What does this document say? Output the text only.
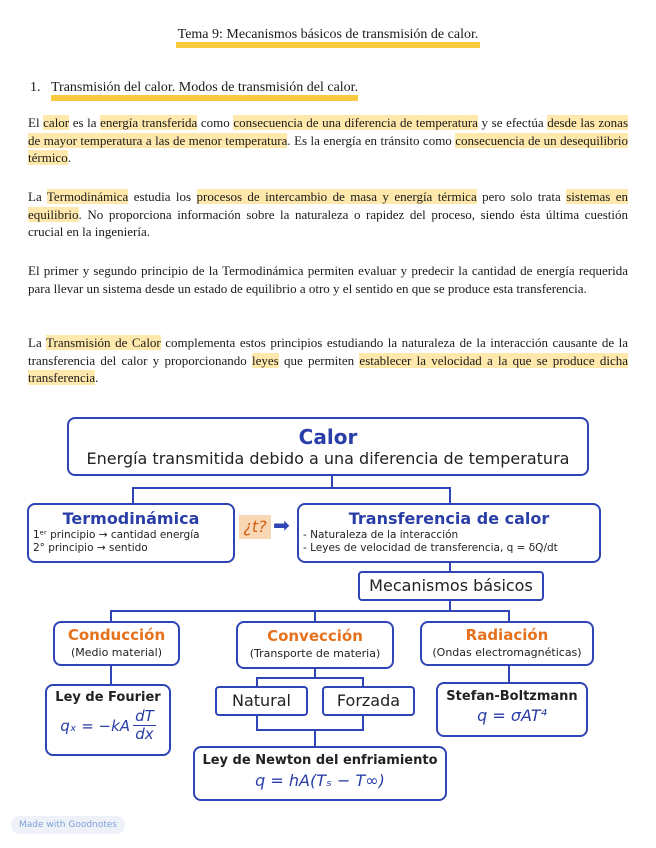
Tema 9: Mecanismos básicos de transmisión de calor.
1. Transmisión del calor. Modos de transmisión del calor.
El calor es la energía transferida como consecuencia de una diferencia de temperatura y se efectúa desde las zonas de mayor temperatura a las de menor temperatura. Es la energía en tránsito como consecuencia de un desequilibrio térmico.
La Termodinámica estudia los procesos de intercambio de masa y energía térmica pero solo trata sistemas en equilibrio. No proporciona información sobre la naturaleza o rapidez del proceso, siendo ésta última cuestión crucial en la ingeniería.
El primer y segundo principio de la Termodinámica permiten evaluar y predecir la cantidad de energía requerida para llevar un sistema desde un estado de equilibrio a otro y el sentido en que se produce esta transferencia.
La Transmisión de Calor complementa estos principios estudiando la naturaleza de la interacción causante de la transferencia del calor y proporcionando leyes que permiten establecer la velocidad a la que se produce dicha transferencia.
Calor
Energía transmitida debido a una diferencia de temperatura
Termodinámica
1ᵉʳ principio → cantidad energía
2° principio → sentido
¿t? ➡	Transferencia de calor
- Naturaleza de la interacción
- Leyes de velocidad de transferencia, q = δQ/dt
Mecanismos básicos
Conducción
(Medio material)
Convección
(Transporte de materia)
Radiación
(Ondas electromagnéticas)
Ley de Fourier
$q_x = -kA \frac{dT}{dx}$
Natural	Forzada	Stefan-Boltzmann
q = σAT⁴
Ley de Newton del enfriamiento
q = hA(Tₛ − T∞)
Made with Goodnotes
